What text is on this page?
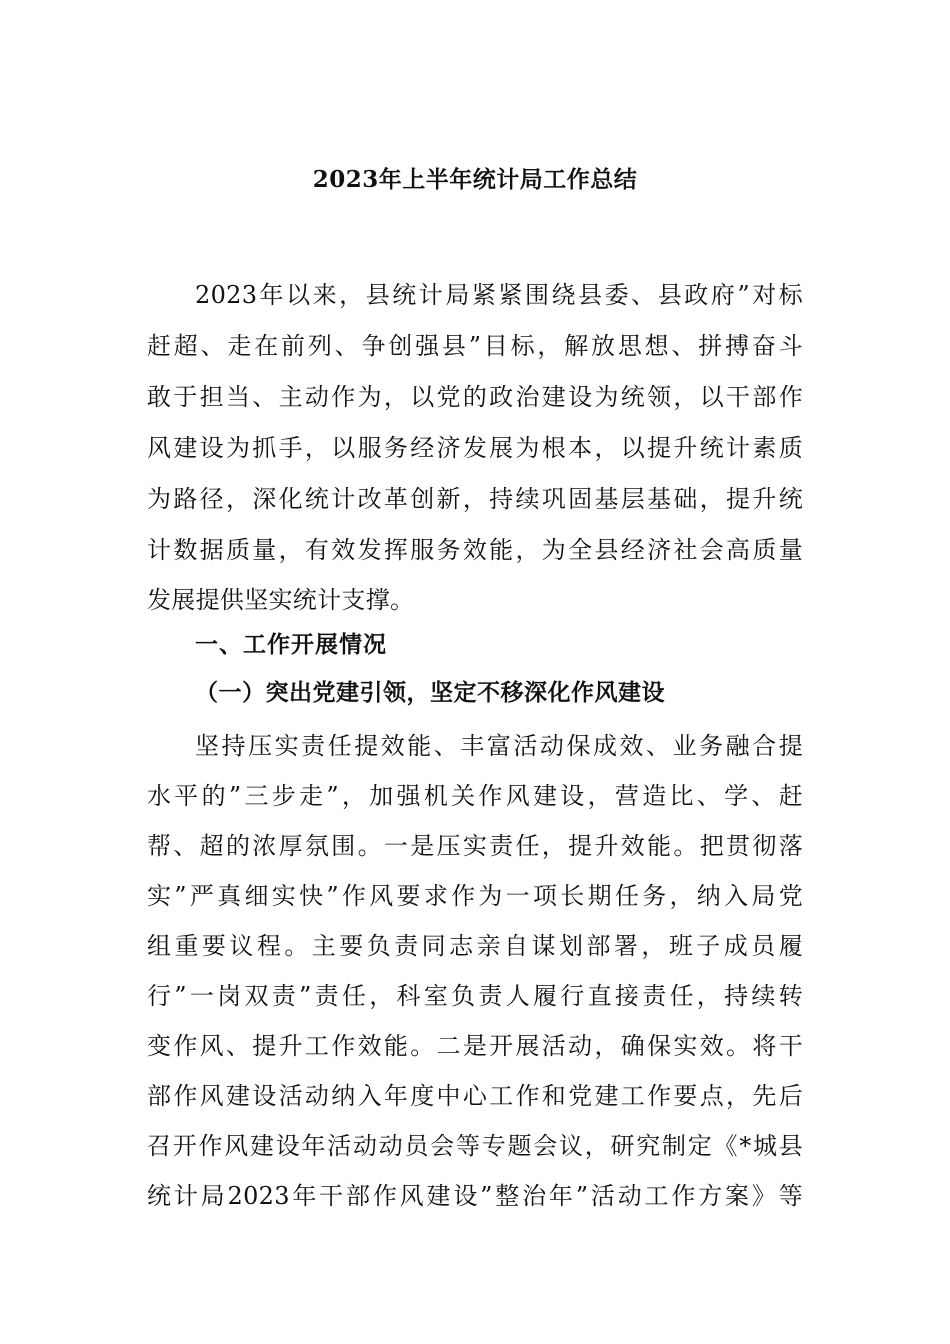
2023年上半年统计局工作总结
2023年以来，县统计局紧紧围绕县委、县政府”对标
赶超、走在前列、争创强县”目标，解放思想、拼搏奋斗
敢于担当、主动作为，以党的政治建设为统领，以干部作
风建设为抓手，以服务经济发展为根本，以提升统计素质
为路径，深化统计改革创新，持续巩固基层基础，提升统
计数据质量，有效发挥服务效能，为全县经济社会高质量
发展提供坚实统计支撑。
一、工作开展情况
（一）突出党建引领，坚定不移深化作风建设
坚持压实责任提效能、丰富活动保成效、业务融合提
水平的”三步走”，加强机关作风建设，营造比、学、赶
帮、超的浓厚氛围。一是压实责任，提升效能。把贯彻落
实”严真细实快”作风要求作为一项长期任务，纳入局党
组重要议程。主要负责同志亲自谋划部署，班子成员履
行”一岗双责”责任，科室负责人履行直接责任，持续转
变作风、提升工作效能。二是开展活动，确保实效。将干
部作风建设活动纳入年度中心工作和党建工作要点，先后
召开作风建设年活动动员会等专题会议，研究制定《*城县
统计局2023年干部作风建设”整治年”活动工作方案》等
